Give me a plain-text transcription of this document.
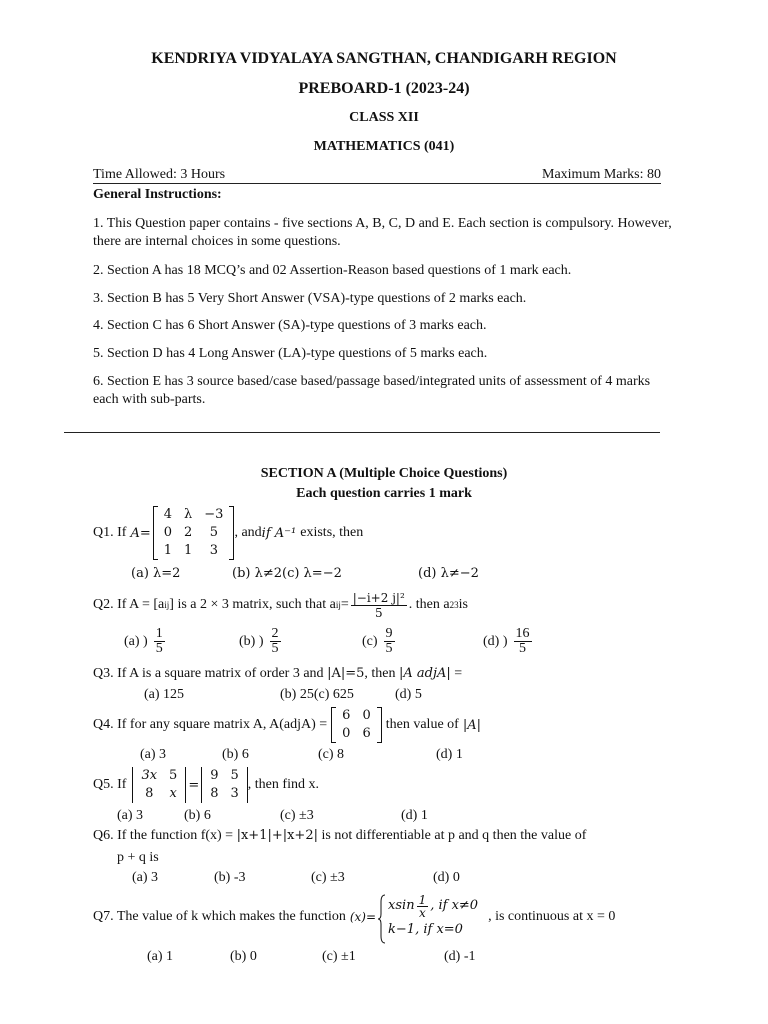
KENDRIYA VIDYALAYA SANGTHAN, CHANDIGARH REGION
PREBOARD-1 (2023-24)
CLASS XII
MATHEMATICS (041)
Time Allowed: 3 Hours	Maximum Marks: 80
General Instructions:
1. This Question paper contains - five sections A, B, C, D and E. Each section is compulsory. However, there are internal choices in some questions.
2. Section A has 18 MCQ’s and 02 Assertion-Reason based questions of 1 mark each.
3. Section B has 5 Very Short Answer (VSA)-type questions of 2 marks each.
4. Section C has 6 Short Answer (SA)-type questions of 3 marks each.
5. Section D has 4 Long Answer (LA)-type questions of 5 marks each.
6. Section E has 3 source based/case based/passage based/integrated units of assessment of 4 marks each with sub-parts.
SECTION A (Multiple Choice Questions)
Each question carries 1 mark
Q1. If A=
4	λ	−3
0	2	5
1	1	3
, and if A⁻¹ exists, then
(a) λ=2	(b) λ≠2(c) λ=−2	(d) λ≠−2
Q2. If A = [a ij ] is a 2 × 3 matrix, such that a ij = $\frac{\text{|−i+2 j|²}}{5}$ . then a 23 is
(a) ) $\frac{1}{5}$	(b) ) $\frac{2}{5}$	$(c) \frac{9}{5}$	(d) ) $\frac{16}{5}$
Q3. If A is a square matrix of order 3 and |A|=5, then |A adjA| =
(a) 125	(b) 25(c) 625	(d) 5
Q4. If for any square matrix A, A(adjA) =
6	0
0	6
then value of |A|
(a) 3	(b) 6	(c) 8	(d) 1
Q5. If
3x	5
8	x
=
9	5
8	3
, then find x.
(a) 3	(b) 6	(c) ±3	(d) 1
Q6. If the function f(x) = |x+1|+|x+2| is not differentiable at p and q then the value of
p + q is
(a) 3	(b) -3	(c) ±3	(d) 0
Q7. The value of k which makes the function (x)=
xsin $\frac{1}{x}$ , if x≠0
k−1, if x=0
, is continuous at x = 0
(a) 1	(b) 0	(c) ±1	(d) -1
